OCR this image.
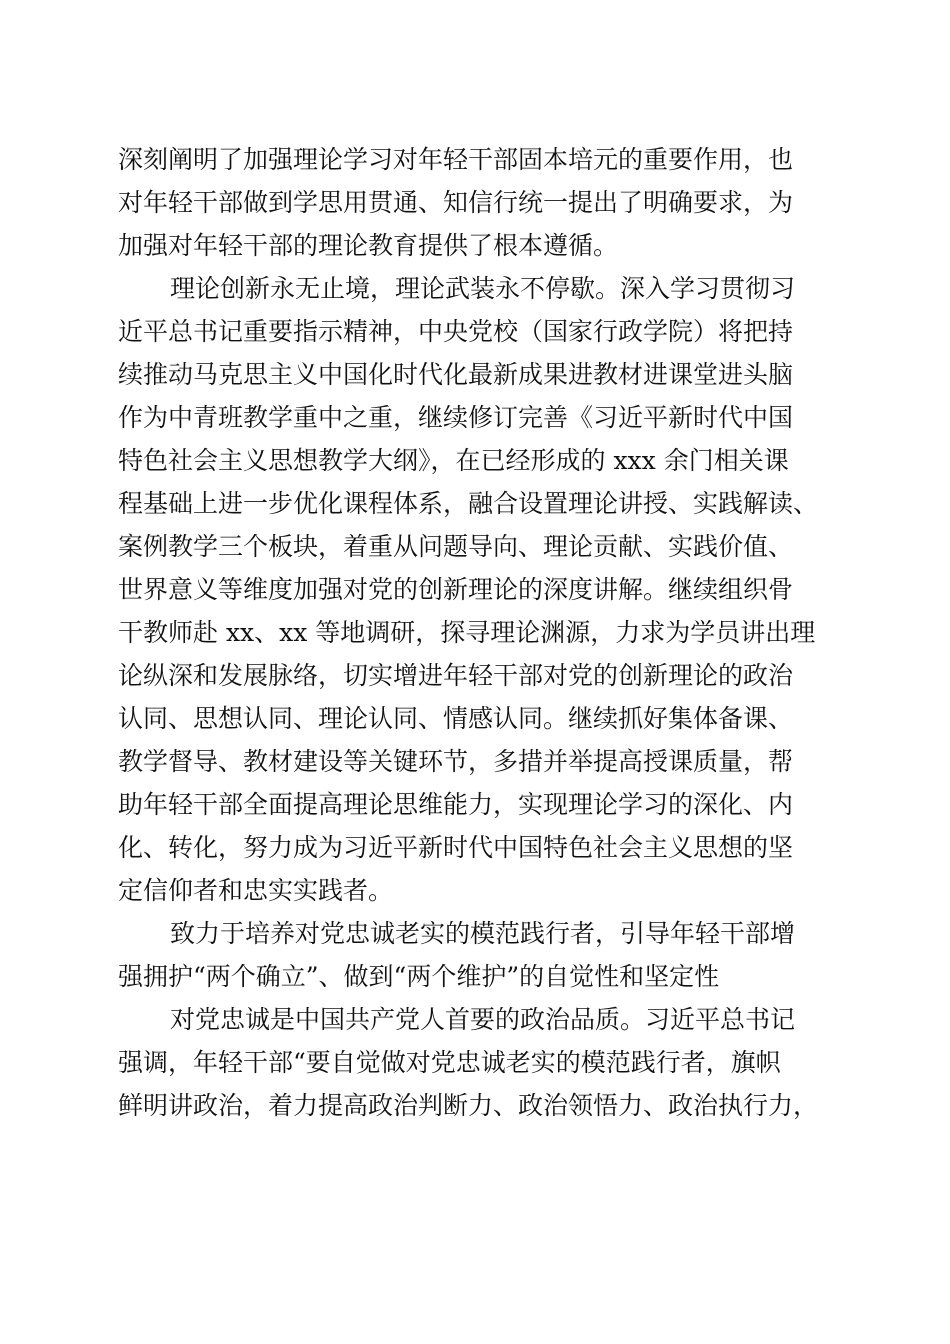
深刻阐明了加强理论学习对年轻干部固本培元的重要作用，也
对年轻干部做到学思用贯通、知信行统一提出了明确要求，为
加强对年轻干部的理论教育提供了根本遵循。
理论创新永无止境，理论武装永不停歇。深入学习贯彻习
近平总书记重要指示精神，中央党校（国家行政学院）将把持
续推动马克思主义中国化时代化最新成果进教材进课堂进头脑
作为中青班教学重中之重，继续修订完善《习近平新时代中国
特色社会主义思想教学大纲》，在已经形成的 xxx 余门相关课
程基础上进一步优化课程体系，融合设置理论讲授、实践解读、
案例教学三个板块，着重从问题导向、理论贡献、实践价值、
世界意义等维度加强对党的创新理论的深度讲解。继续组织骨
干教师赴 xx、xx 等地调研，探寻理论渊源，力求为学员讲出理
论纵深和发展脉络，切实增进年轻干部对党的创新理论的政治
认同、思想认同、理论认同、情感认同。继续抓好集体备课、
教学督导、教材建设等关键环节，多措并举提高授课质量，帮
助年轻干部全面提高理论思维能力，实现理论学习的深化、内
化、转化，努力成为习近平新时代中国特色社会主义思想的坚
定信仰者和忠实实践者。
致力于培养对党忠诚老实的模范践行者，引导年轻干部增
强拥护“两个确立”、做到“两个维护”的自觉性和坚定性
对党忠诚是中国共产党人首要的政治品质。习近平总书记
强调，年轻干部“要自觉做对党忠诚老实的模范践行者，旗帜
鲜明讲政治，着力提高政治判断力、政治领悟力、政治执行力，
